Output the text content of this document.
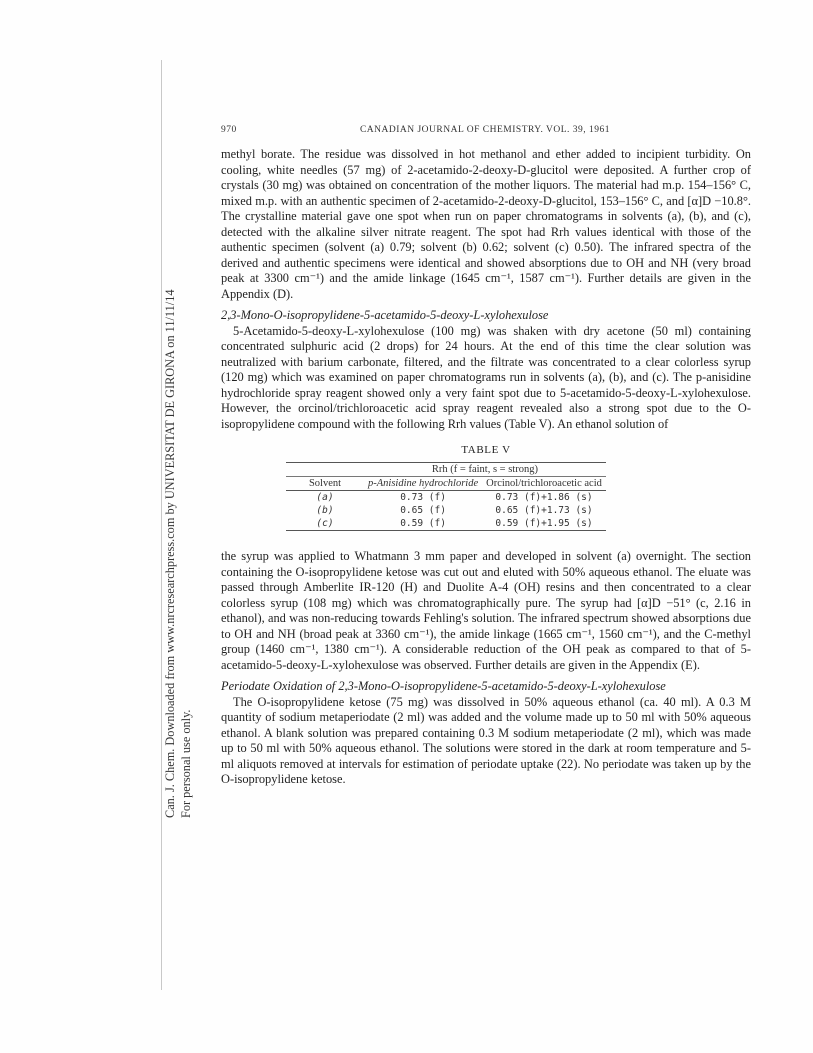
Can. J. Chem. Downloaded from www.nrcresearchpress.com by UNIVERSITAT DE GIRONA on 11/11/14 For personal use only.
970	CANADIAN JOURNAL OF CHEMISTRY. VOL. 39, 1961

methyl borate. The residue was dissolved in hot methanol and ether added to incipient turbidity. On cooling, white needles (57 mg) of 2-acetamido-2-deoxy-D-glucitol were deposited. A further crop of crystals (30 mg) was obtained on concentration of the mother liquors. The material had m.p. 154–156° C, mixed m.p. with an authentic specimen of 2-acetamido-2-deoxy-D-glucitol, 153–156° C, and [α]D −10.8°. The crystalline material gave one spot when run on paper chromatograms in solvents (a), (b), and (c), detected with the alkaline silver nitrate reagent. The spot had Rrh values identical with those of the authentic specimen (solvent (a) 0.79; solvent (b) 0.62; solvent (c) 0.50). The infrared spectra of the derived and authentic specimens were identical and showed absorptions due to OH and NH (very broad peak at 3300 cm⁻¹) and the amide linkage (1645 cm⁻¹, 1587 cm⁻¹). Further details are given in the Appendix (D).

2,3-Mono-O-isopropylidene-5-acetamido-5-deoxy-L-xylohexulose

5-Acetamido-5-deoxy-L-xylohexulose (100 mg) was shaken with dry acetone (50 ml) containing concentrated sulphuric acid (2 drops) for 24 hours. At the end of this time the clear solution was neutralized with barium carbonate, filtered, and the filtrate was concentrated to a clear colorless syrup (120 mg) which was examined on paper chromatograms run in solvents (a), (b), and (c). The p-anisidine hydrochloride spray reagent showed only a very faint spot due to 5-acetamido-5-deoxy-L-xylohexulose. However, the orcinol/trichloroacetic acid spray reagent revealed also a strong spot due to the O-isopropylidene compound with the following Rrh values (Table V). An ethanol solution of

TABLE V
	Rrh (f = faint, s = strong)	
Solvent	p-Anisidine hydrochloride	Orcinol/trichloroacetic acid
(a)	0.73 (f)	0.73 (f)+1.86 (s)
(b)	0.65 (f)	0.65 (f)+1.73 (s)
(c)	0.59 (f)	0.59 (f)+1.95 (s)

the syrup was applied to Whatmann 3 mm paper and developed in solvent (a) overnight. The section containing the O-isopropylidene ketose was cut out and eluted with 50% aqueous ethanol. The eluate was passed through Amberlite IR-120 (H) and Duolite A-4 (OH) resins and then concentrated to a clear colorless syrup (108 mg) which was chromatographically pure. The syrup had [α]D −51° (c, 2.16 in ethanol), and was non-reducing towards Fehling's solution. The infrared spectrum showed absorptions due to OH and NH (broad peak at 3360 cm⁻¹), the amide linkage (1665 cm⁻¹, 1560 cm⁻¹), and the C-methyl group (1460 cm⁻¹, 1380 cm⁻¹). A considerable reduction of the OH peak as compared to that of 5-acetamido-5-deoxy-L-xylohexulose was observed. Further details are given in the Appendix (E).

Periodate Oxidation of 2,3-Mono-O-isopropylidene-5-acetamido-5-deoxy-L-xylohexulose

The O-isopropylidene ketose (75 mg) was dissolved in 50% aqueous ethanol (ca. 40 ml). A 0.3 M quantity of sodium metaperiodate (2 ml) was added and the volume made up to 50 ml with 50% aqueous ethanol. A blank solution was prepared containing 0.3 M sodium metaperiodate (2 ml), which was made up to 50 ml with 50% aqueous ethanol. The solutions were stored in the dark at room temperature and 5-ml aliquots removed at intervals for estimation of periodate uptake (22). No periodate was taken up by the O-isopropylidene ketose.
